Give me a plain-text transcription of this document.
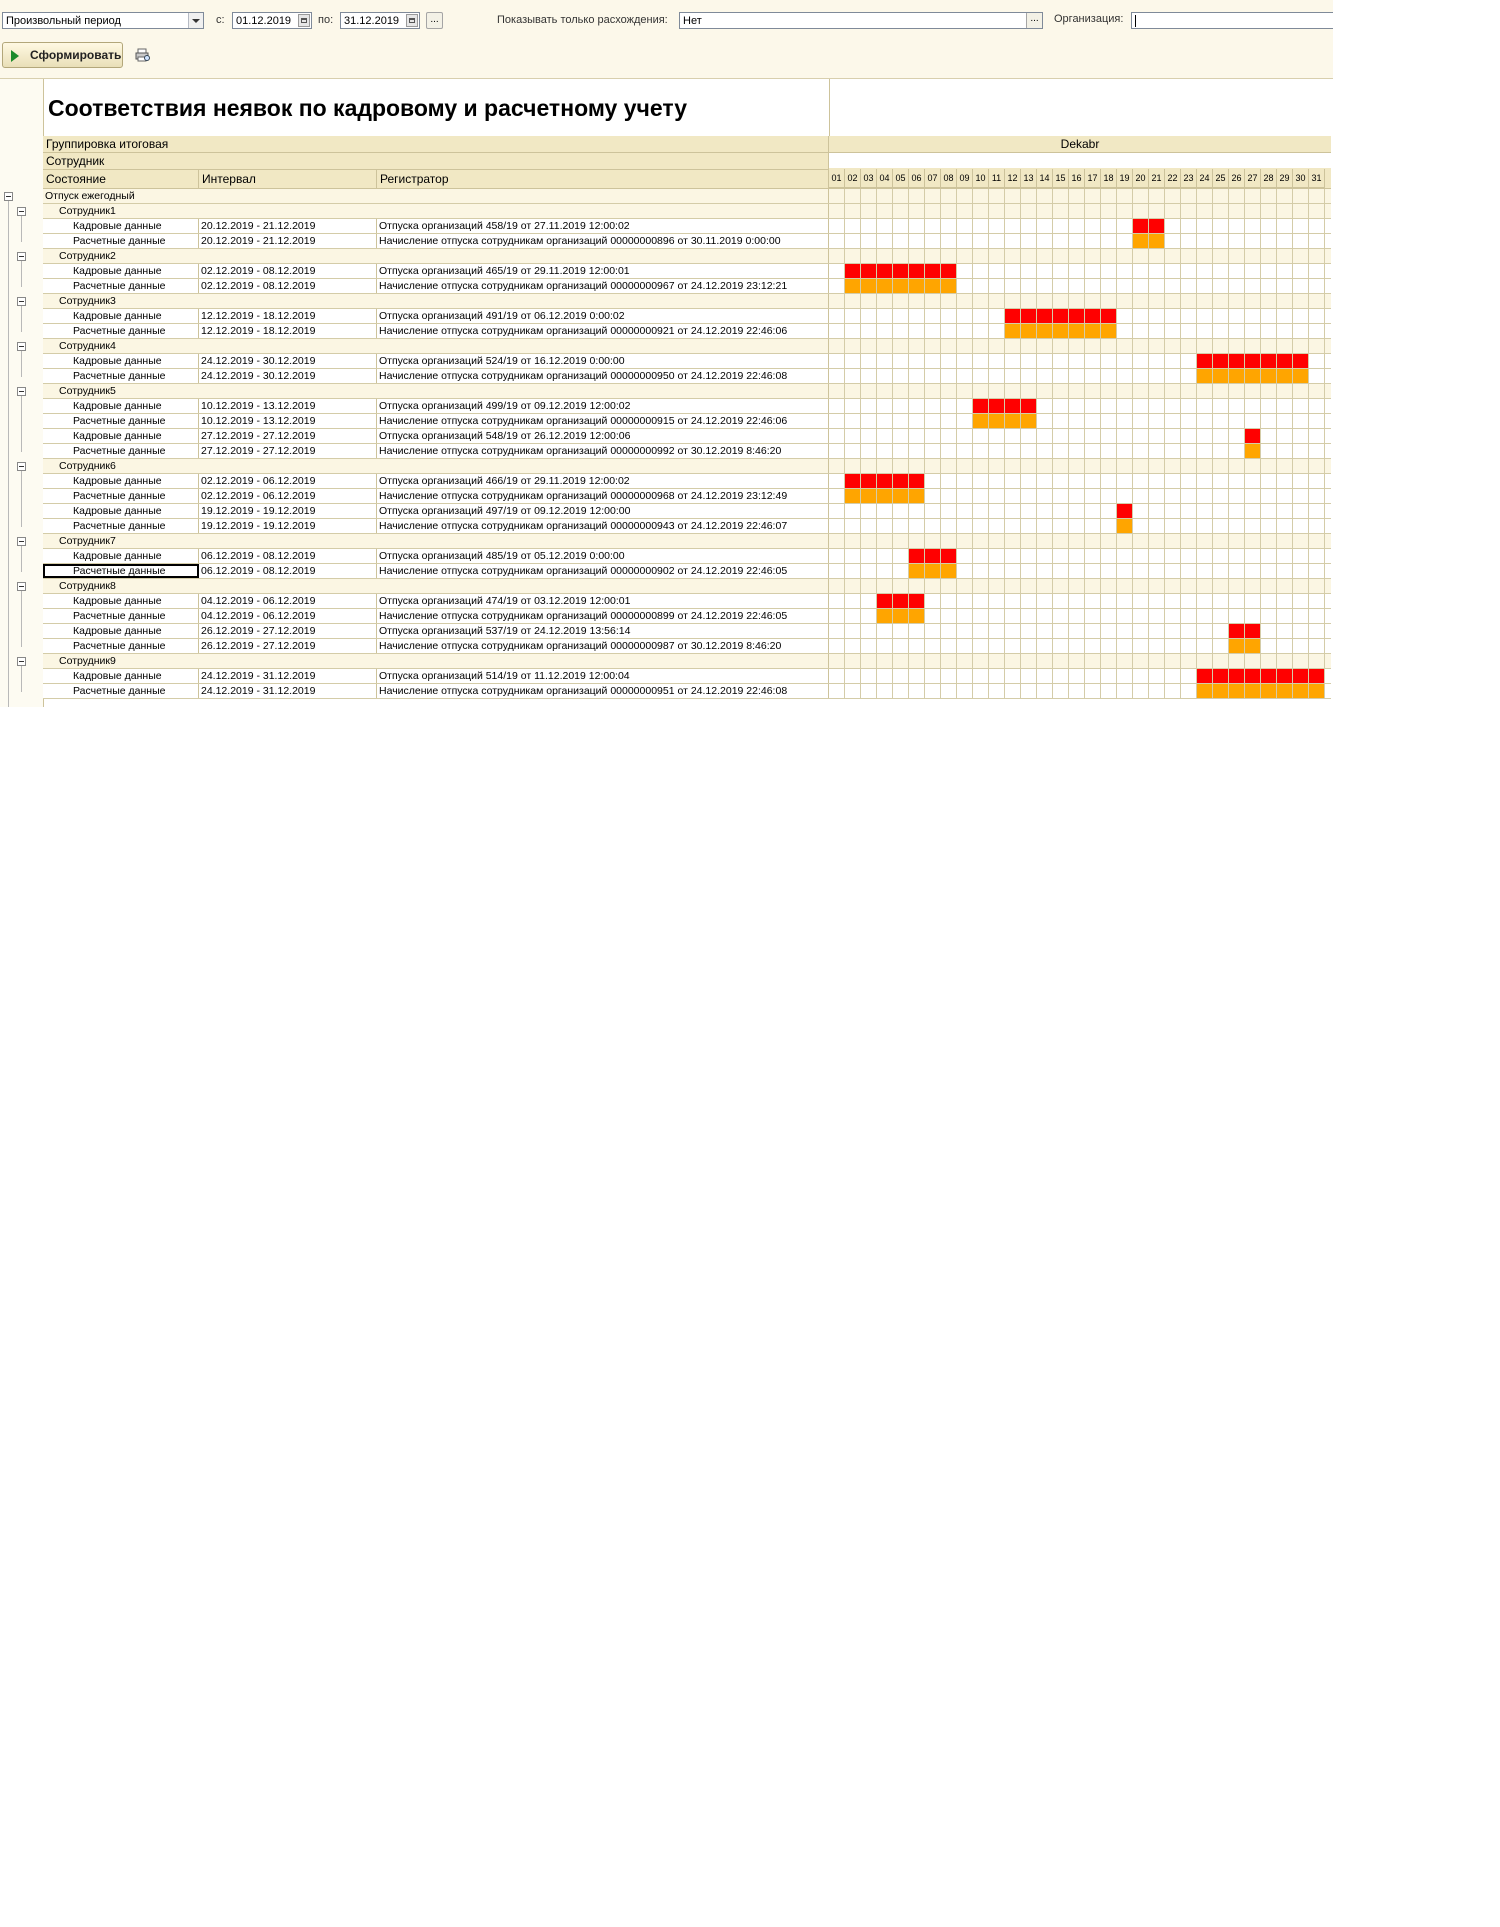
Произвольный период	с:	01.12.2019	по: 31.12.2019	...	Показывать только расхождения:	Нет	...	Организация:
Сформировать
Соответствия неявок по кадровому и расчетному учету
Группировка итоговая
Сотрудник
Состояние	Интервал	Регистратор
Dekabr
01 02 03 04 05 06 07 08 09 10 11 12 13 14 15 16 17 18 19 20 21 22 23 24 25 26 27 28 29 30 31
Отпуск ежегодный
Сотрудник1
Кадровые данные	20.12.2019 - 21.12.2019	Отпуска организаций 458/19 от 27.11.2019 12:00:02
Расчетные данные	20.12.2019 - 21.12.2019	Начисление отпуска сотрудникам организаций 00000000896 от 30.11.2019 0:00:00
Сотрудник2
Кадровые данные	02.12.2019 - 08.12.2019	Отпуска организаций 465/19 от 29.11.2019 12:00:01
Расчетные данные	02.12.2019 - 08.12.2019	Начисление отпуска сотрудникам организаций 00000000967 от 24.12.2019 23:12:21
Сотрудник3
Кадровые данные	12.12.2019 - 18.12.2019	Отпуска организаций 491/19 от 06.12.2019 0:00:02
Расчетные данные	12.12.2019 - 18.12.2019	Начисление отпуска сотрудникам организаций 00000000921 от 24.12.2019 22:46:06
Сотрудник4
Кадровые данные	24.12.2019 - 30.12.2019	Отпуска организаций 524/19 от 16.12.2019 0:00:00
Расчетные данные	24.12.2019 - 30.12.2019	Начисление отпуска сотрудникам организаций 00000000950 от 24.12.2019 22:46:08
Сотрудник5
Кадровые данные	10.12.2019 - 13.12.2019	Отпуска организаций 499/19 от 09.12.2019 12:00:02
Расчетные данные	10.12.2019 - 13.12.2019	Начисление отпуска сотрудникам организаций 00000000915 от 24.12.2019 22:46:06
Кадровые данные	27.12.2019 - 27.12.2019	Отпуска организаций 548/19 от 26.12.2019 12:00:06
Расчетные данные	27.12.2019 - 27.12.2019	Начисление отпуска сотрудникам организаций 00000000992 от 30.12.2019 8:46:20
Сотрудник6
Кадровые данные	02.12.2019 - 06.12.2019	Отпуска организаций 466/19 от 29.11.2019 12:00:02
Расчетные данные	02.12.2019 - 06.12.2019	Начисление отпуска сотрудникам организаций 00000000968 от 24.12.2019 23:12:49
Кадровые данные	19.12.2019 - 19.12.2019	Отпуска организаций 497/19 от 09.12.2019 12:00:00
Расчетные данные	19.12.2019 - 19.12.2019	Начисление отпуска сотрудникам организаций 00000000943 от 24.12.2019 22:46:07
Сотрудник7
Кадровые данные	06.12.2019 - 08.12.2019	Отпуска организаций 485/19 от 05.12.2019 0:00:00
Расчетные данные	06.12.2019 - 08.12.2019	Начисление отпуска сотрудникам организаций 00000000902 от 24.12.2019 22:46:05
Сотрудник8
Кадровые данные	04.12.2019 - 06.12.2019	Отпуска организаций 474/19 от 03.12.2019 12:00:01
Расчетные данные	04.12.2019 - 06.12.2019	Начисление отпуска сотрудникам организаций 00000000899 от 24.12.2019 22:46:05
Кадровые данные	26.12.2019 - 27.12.2019	Отпуска организаций 537/19 от 24.12.2019 13:56:14
Расчетные данные	26.12.2019 - 27.12.2019	Начисление отпуска сотрудникам организаций 00000000987 от 30.12.2019 8:46:20
Сотрудник9
Кадровые данные	24.12.2019 - 31.12.2019	Отпуска организаций 514/19 от 11.12.2019 12:00:04
Расчетные данные	24.12.2019 - 31.12.2019	Начисление отпуска сотрудникам организаций 00000000951 от 24.12.2019 22:46:08
